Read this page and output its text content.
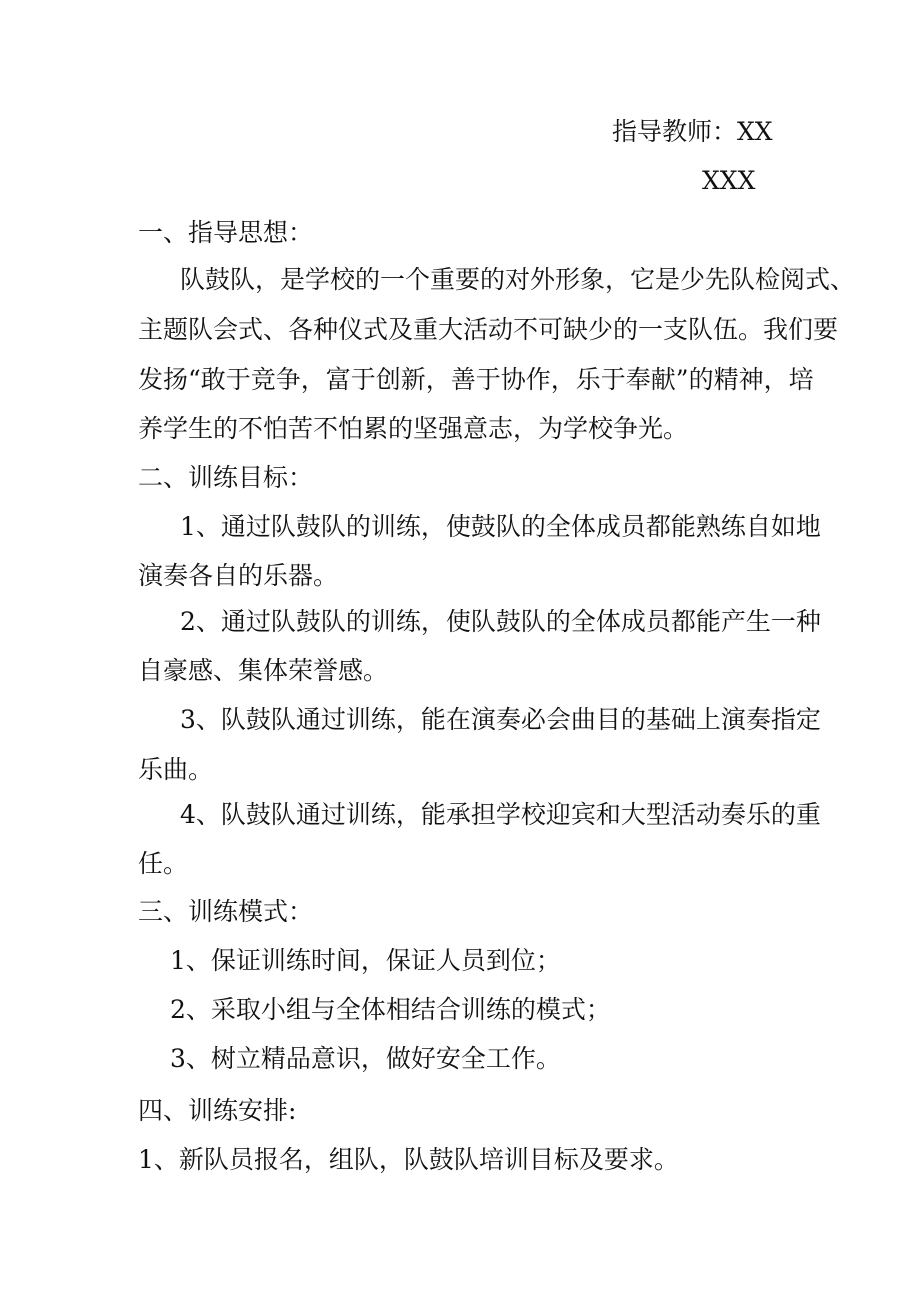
指导教师：XX
XXX
一、指导思想：
队鼓队，是学校的一个重要的对外形象，它是少先队检阅式、
主题队会式、各种仪式及重大活动不可缺少的一支队伍。我们要
发扬“敢于竞争，富于创新，善于协作，乐于奉献”的精神，培
养学生的不怕苦不怕累的坚强意志，为学校争光。
二、训练目标：
1、通过队鼓队的训练，使鼓队的全体成员都能熟练自如地
演奏各自的乐器。
2、通过队鼓队的训练，使队鼓队的全体成员都能产生一种
自豪感、集体荣誉感。
3、队鼓队通过训练，能在演奏必会曲目的基础上演奏指定
乐曲。
4、队鼓队通过训练，能承担学校迎宾和大型活动奏乐的重
任。
三、训练模式：
1、保证训练时间，保证人员到位；
2、采取小组与全体相结合训练的模式；
3、树立精品意识，做好安全工作。
四、训练安排:
1、新队员报名，组队，队鼓队培训目标及要求。
